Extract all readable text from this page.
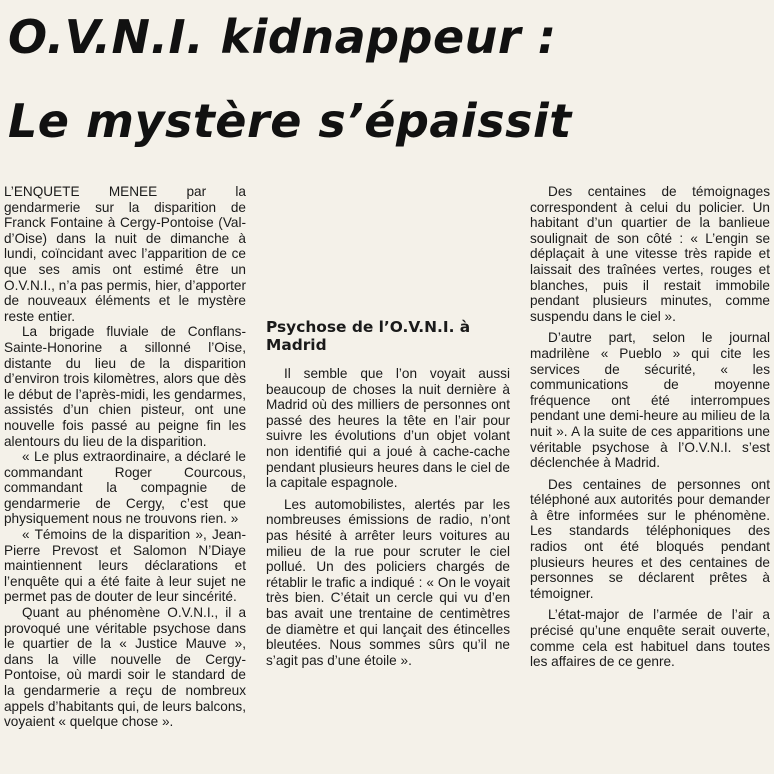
O.V.N.I. kidnappeur :
Le mystère s’épaissit

L’ENQUETE MENEE par la gendarmerie sur la disparition de Franck Fontaine à Cergy-Pontoise (Val-d’Oise) dans la nuit de dimanche à lundi, coïncidant avec l’apparition de ce que ses amis ont estimé être un O.V.N.I., n’a pas permis, hier, d’apporter de nouveaux éléments et le mystère reste entier.

La brigade fluviale de Conflans-Sainte-Honorine a sillonné l’Oise, distante du lieu de la disparition d’environ trois kilomètres, alors que dès le début de l’après-midi, les gendarmes, assistés d’un chien pisteur, ont une nouvelle fois passé au peigne fin les alentours du lieu de la disparition.

« Le plus extraordinaire, a déclaré le commandant Roger Courcous, commandant la compagnie de gendarmerie de Cergy, c’est que physiquement nous ne trouvons rien. »

« Témoins de la disparition », Jean-Pierre Prevost et Salomon N’Diaye maintiennent leurs déclarations et l’enquête qui a été faite à leur sujet ne permet pas de douter de leur sincérité.

Quant au phénomène O.V.N.I., il a provoqué une véritable psychose dans le quartier de la « Justice Mauve », dans la ville nouvelle de Cergy-Pontoise, où mardi soir le standard de la gendarmerie a reçu de nombreux appels d’habitants qui, de leurs balcons, voyaient « quelque chose ».

Psychose de l’O.V.N.I. à Madrid

Il semble que l’on voyait aussi beaucoup de choses la nuit dernière à Madrid où des milliers de personnes ont passé des heures la tête en l’air pour suivre les évolutions d’un objet volant non identifié qui a joué à cache-cache pendant plusieurs heures dans le ciel de la capitale espagnole.

Les automobilistes, alertés par les nombreuses émissions de radio, n’ont pas hésité à arrêter leurs voitures au milieu de la rue pour scruter le ciel pollué. Un des policiers chargés de rétablir le trafic a indiqué : « On le voyait très bien. C’était un cercle qui vu d’en bas avait une trentaine de centimètres de diamètre et qui lançait des étincelles bleutées. Nous sommes sûrs qu’il ne s’agit pas d’une étoile ».

Des centaines de témoignages correspondent à celui du policier. Un habitant d’un quartier de la banlieue soulignait de son côté : « L’engin se déplaçait à une vitesse très rapide et laissait des traînées vertes, rouges et blanches, puis il restait immobile pendant plusieurs minutes, comme suspendu dans le ciel ».

D’autre part, selon le journal madrilène « Pueblo » qui cite les services de sécurité, « les communications de moyenne fréquence ont été interrompues pendant une demi-heure au milieu de la nuit ». A la suite de ces apparitions une véritable psychose à l’O.V.N.I. s’est déclenchée à Madrid.

Des centaines de personnes ont téléphoné aux autorités pour demander à être informées sur le phénomène. Les standards téléphoniques des radios ont été bloqués pendant plusieurs heures et des centaines de personnes se déclarent prêtes à témoigner.

L’état-major de l’armée de l’air a précisé qu’une enquête serait ouverte, comme cela est habituel dans toutes les affaires de ce genre.
